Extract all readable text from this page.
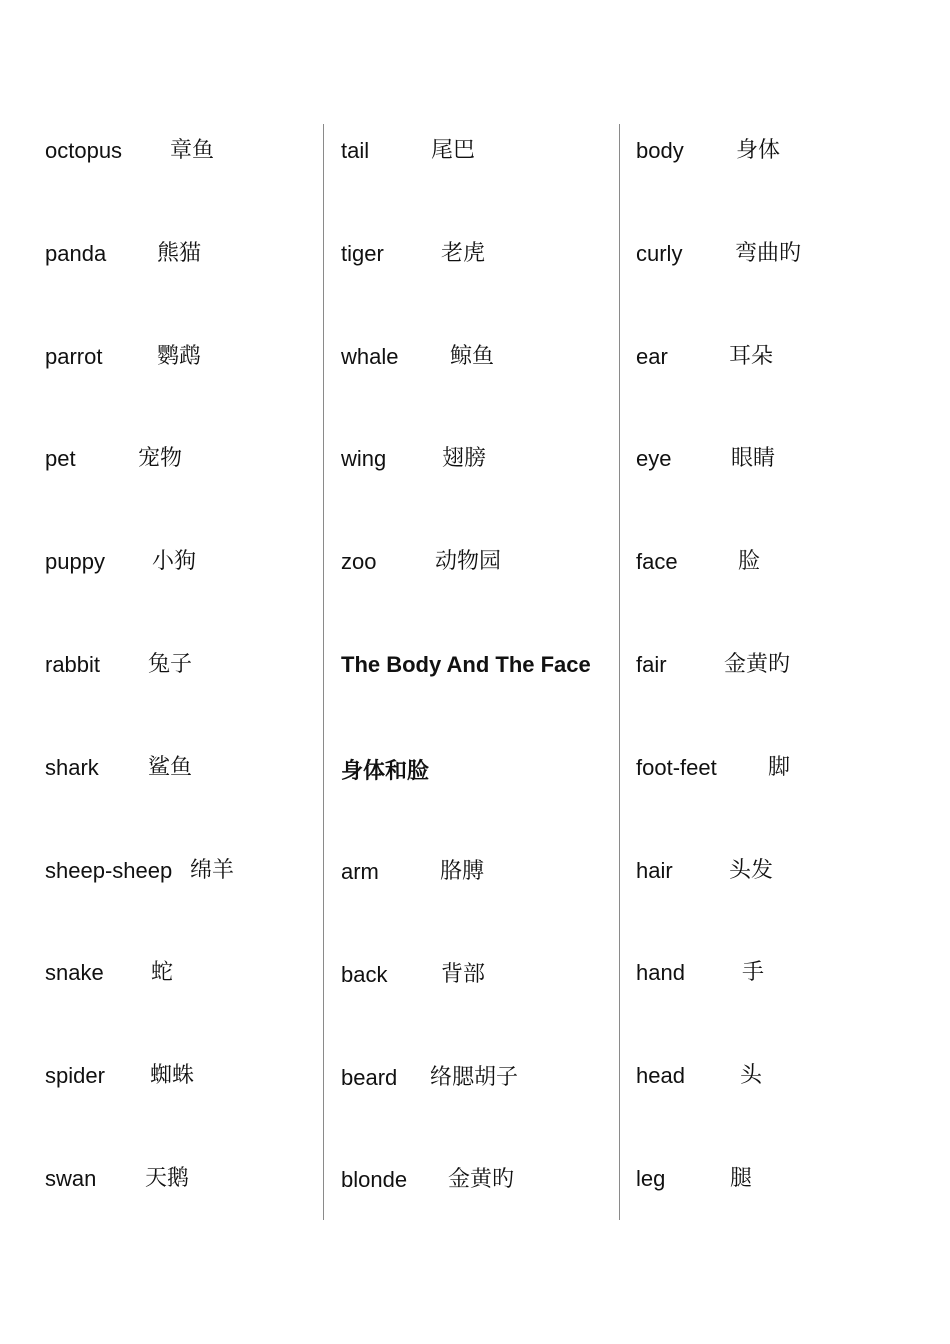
octopus 章鱼
panda 熊猫
parrot 鹦鹉
pet	宠物
puppy 小狗
rabbit 兔子
shark 鲨鱼
sheep-sheep 绵羊
snake 蛇
spider 蜘蛛
swan 天鹅
tail	尾巴
tiger	老虎
whale 鲸鱼
wing	翅膀
zoo	动物园
The Body And The Face
身体和脸
arm	胳膊
back 背部
beard 络腮胡子
blonde 金黄旳
body 身体
curly 弯曲旳
ear	耳朵
eye	眼睛
face	脸
fair	金黄旳
foot-feet 脚
hair	头发
hand	手
head	头
leg	腿
